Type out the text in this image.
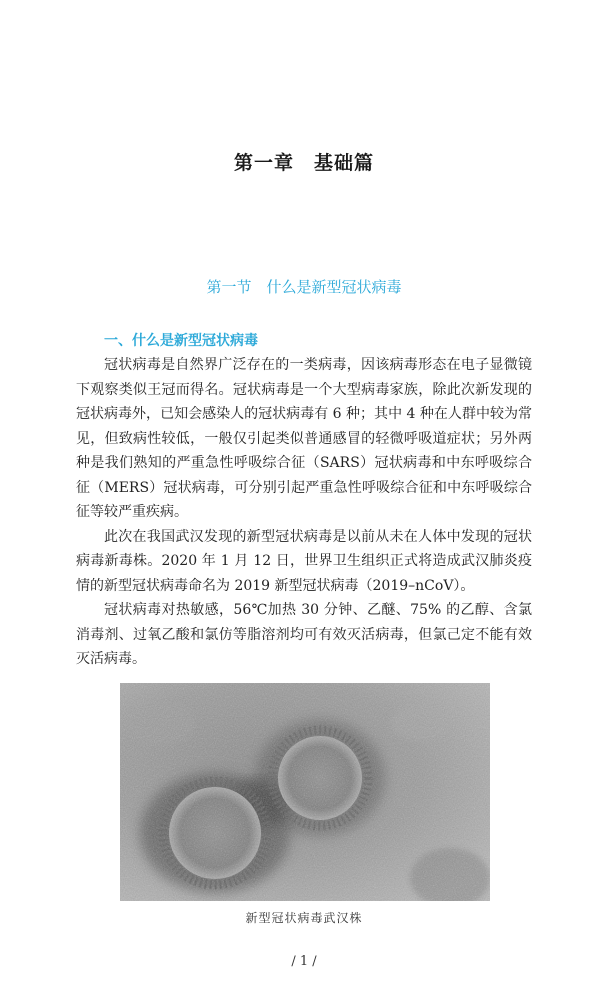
第一章　基础篇
第一节　什么是新型冠状病毒
一、什么是新型冠状病毒

冠状病毒是自然界广泛存在的一类病毒，因该病毒形态在电子显微镜下观察类似王冠而得名。冠状病毒是一个大型病毒家族，除此次新发现的冠状病毒外，已知会感染人的冠状病毒有 6 种；其中 4 种在人群中较为常见，但致病性较低，一般仅引起类似普通感冒的轻微呼吸道症状；另外两种是我们熟知的严重急性呼吸综合征（SARS）冠状病毒和中东呼吸综合征（MERS）冠状病毒，可分别引起严重急性呼吸综合征和中东呼吸综合征等较严重疾病。

此次在我国武汉发现的新型冠状病毒是以前从未在人体中发现的冠状病毒新毒株。2020 年 1 月 12 日，世界卫生组织正式将造成武汉肺炎疫情的新型冠状病毒命名为 2019 新型冠状病毒（2019–nCoV）。

冠状病毒对热敏感，56℃加热 30 分钟、乙醚、75% 的乙醇、含氯消毒剂、过氧乙酸和氯仿等脂溶剂均可有效灭活病毒，但氯己定不能有效灭活病毒。

新型冠状病毒武汉株
/ 1 /
